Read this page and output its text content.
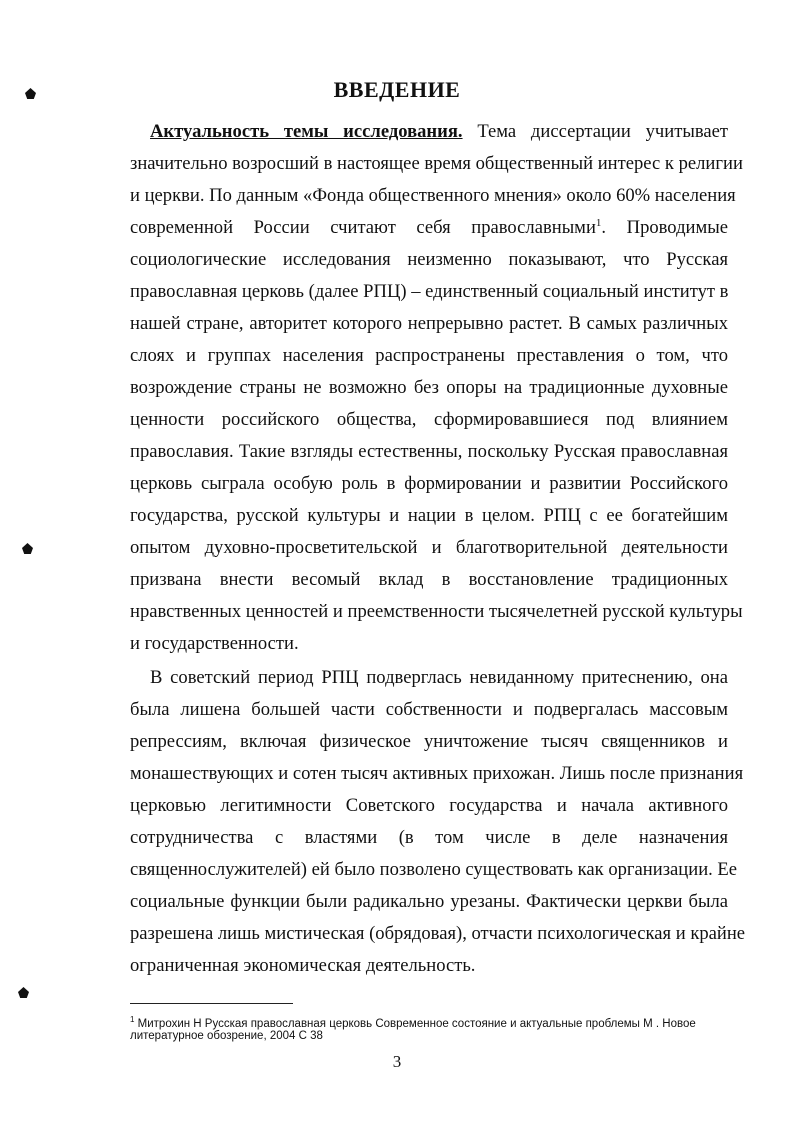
ВВЕДЕНИЕ
Актуальность темы исследования. Тема диссертации учитывает
значительно возросший в настоящее время общественный интерес к религии
и церкви. По данным «Фонда общественного мнения» около 60% населения
современной России считают себя православными$^1$. Проводимые
социологические исследования неизменно показывают, что Русская
православная церковь (далее РПЦ) – единственный социальный институт в
нашей стране, авторитет которого непрерывно растет. В самых различных
слоях и группах населения распространены преставления о том, что
возрождение страны не возможно без опоры на традиционные духовные
ценности российского общества, сформировавшиеся под влиянием
православия. Такие взгляды естественны, поскольку Русская православная
церковь сыграла особую роль в формировании и развитии Российского
государства, русской культуры и нации в целом. РПЦ с ее богатейшим
опытом духовно-просветительской и благотворительной деятельности
призвана внести весомый вклад в восстановление традиционных
нравственных ценностей и преемственности тысячелетней русской культуры
и государственности.
В советский период РПЦ подверглась невиданному притеснению, она
была лишена большей части собственности и подвергалась массовым
репрессиям, включая физическое уничтожение тысяч священников и
монашествующих и сотен тысяч активных прихожан. Лишь после признания
церковью легитимности Советского государства и начала активного
сотрудничества с властями (в том числе в деле назначения
священнослужителей) ей было позволено существовать как организации. Ее
социальные функции были радикально урезаны. Фактически церкви была
разрешена лишь мистическая (обрядовая), отчасти психологическая и крайне
ограниченная экономическая деятельность.
$^1$ Митрохин Н Русская православная церковь Современное состояние и актуальные проблемы М . Новое
литературное обозрение, 2004 С 38
3
